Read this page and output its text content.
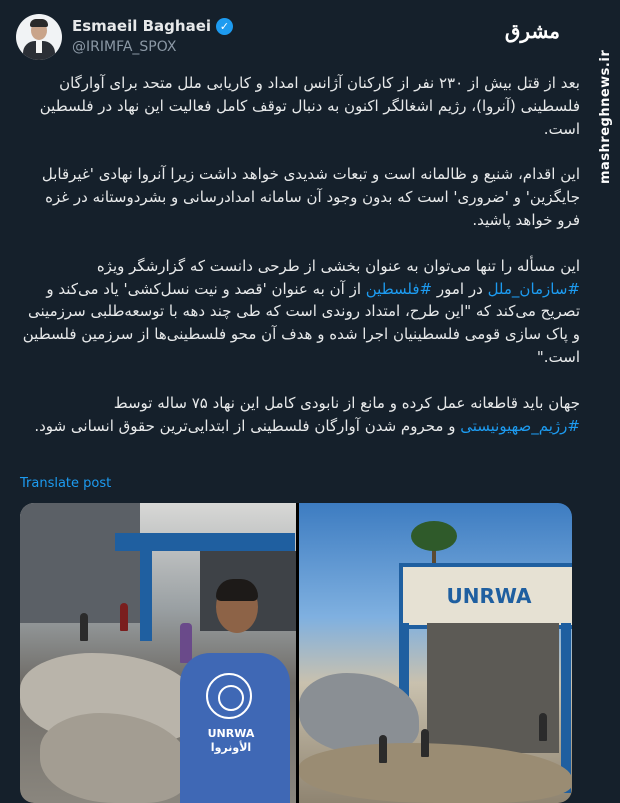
Esmaeil Baghaei ✓
@IRIMFA_SPOX
مشرق
mashreghnews.ir

بعد از قتل بیش از ۲۳۰ نفر از کارکنان آژانس امداد و کاریابی ملل متحد برای آوارگان فلسطینی (آنروا)، رژیم اشغالگر اکنون به دنبال توقف کامل فعالیت این نهاد در فلسطین است.

این اقدام، شنیع و ظالمانه است و تبعات شدیدی خواهد داشت زیرا آنروا نهادی 'غیرقابل جایگزین' و 'ضروری' است که بدون وجود آن سامانه امدادرسانی و بشردوستانه در غزه فرو خواهد پاشید.

این مسأله را تنها می‌توان به عنوان بخشی از طرحی دانست که گزارشگر ویژه #سازمان_ملل در امور #فلسطین از آن به عنوان 'قصد و نیت نسل‌کشی' یاد می‌کند و تصریح می‌کند که "این طرح، امتداد روندی است که طی چند دهه با توسعه‌طلبی سرزمینی و پاک سازی قومی فلسطینیان اجرا شده و هدف آن محو فلسطینی‌ها از سرزمین فلسطین است."

جهان باید قاطعانه عمل کرده و مانع از نابودی کامل این نهاد ۷۵ ساله توسط #رژیم_صهیونیستی و محروم شدن آوارگان فلسطینی از ابتدایی‌ترین حقوق انسانی شود.

Translate post
UNRWA
الأونروا
UNRWA
